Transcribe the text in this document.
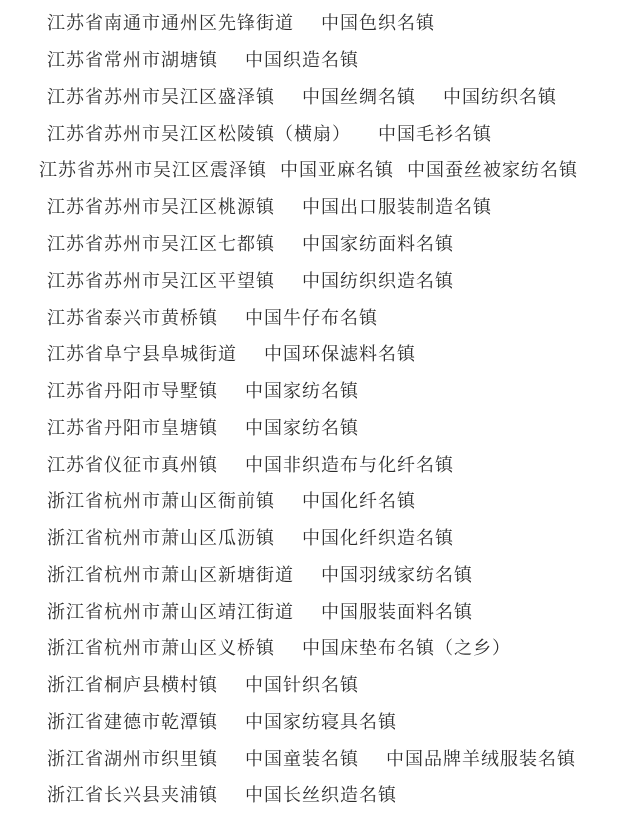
江苏省南通市通州区先锋街道 中国色织名镇
江苏省常州市湖塘镇 中国织造名镇
江苏省苏州市吴江区盛泽镇 中国丝绸名镇 中国纺织名镇
江苏省苏州市吴江区松陵镇（横扇） 中国毛衫名镇
江苏省苏州市吴江区震泽镇 中国亚麻名镇 中国蚕丝被家纺名镇
江苏省苏州市吴江区桃源镇 中国出口服装制造名镇
江苏省苏州市吴江区七都镇 中国家纺面料名镇
江苏省苏州市吴江区平望镇 中国纺织织造名镇
江苏省泰兴市黄桥镇 中国牛仔布名镇
江苏省阜宁县阜城街道 中国环保滤料名镇
江苏省丹阳市导墅镇 中国家纺名镇
江苏省丹阳市皇塘镇 中国家纺名镇
江苏省仪征市真州镇 中国非织造布与化纤名镇
浙江省杭州市萧山区衙前镇 中国化纤名镇
浙江省杭州市萧山区瓜沥镇 中国化纤织造名镇
浙江省杭州市萧山区新塘街道 中国羽绒家纺名镇
浙江省杭州市萧山区靖江街道 中国服装面料名镇
浙江省杭州市萧山区义桥镇 中国床垫布名镇（之乡）
浙江省桐庐县横村镇 中国针织名镇
浙江省建德市乾潭镇 中国家纺寝具名镇
浙江省湖州市织里镇 中国童装名镇 中国品牌羊绒服装名镇
浙江省长兴县夹浦镇 中国长丝织造名镇
